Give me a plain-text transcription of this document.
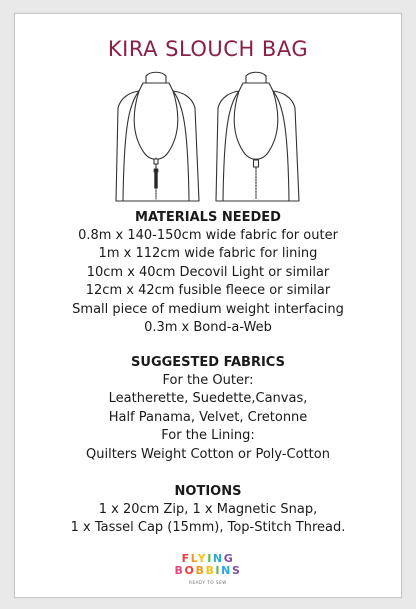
KIRA SLOUCH BAG
MATERIALS NEEDED
0.8m x 140-150cm wide fabric for outer
1m x 112cm wide fabric for lining
10cm x 40cm Decovil Light or similar
12cm x 42cm fusible fleece or similar
Small piece of medium weight interfacing
0.3m x Bond-a-Web
SUGGESTED FABRICS
For the Outer:
Leatherette, Suedette,Canvas,
Half Panama, Velvet, Cretonne
For the Lining:
Quilters Weight Cotton or Poly-Cotton
NOTIONS
1 x 20cm Zip, 1 x Magnetic Snap,
1 x Tassel Cap (15mm), Top-Stitch Thread.
FLYING
BOBBINS
READY TO SEW
